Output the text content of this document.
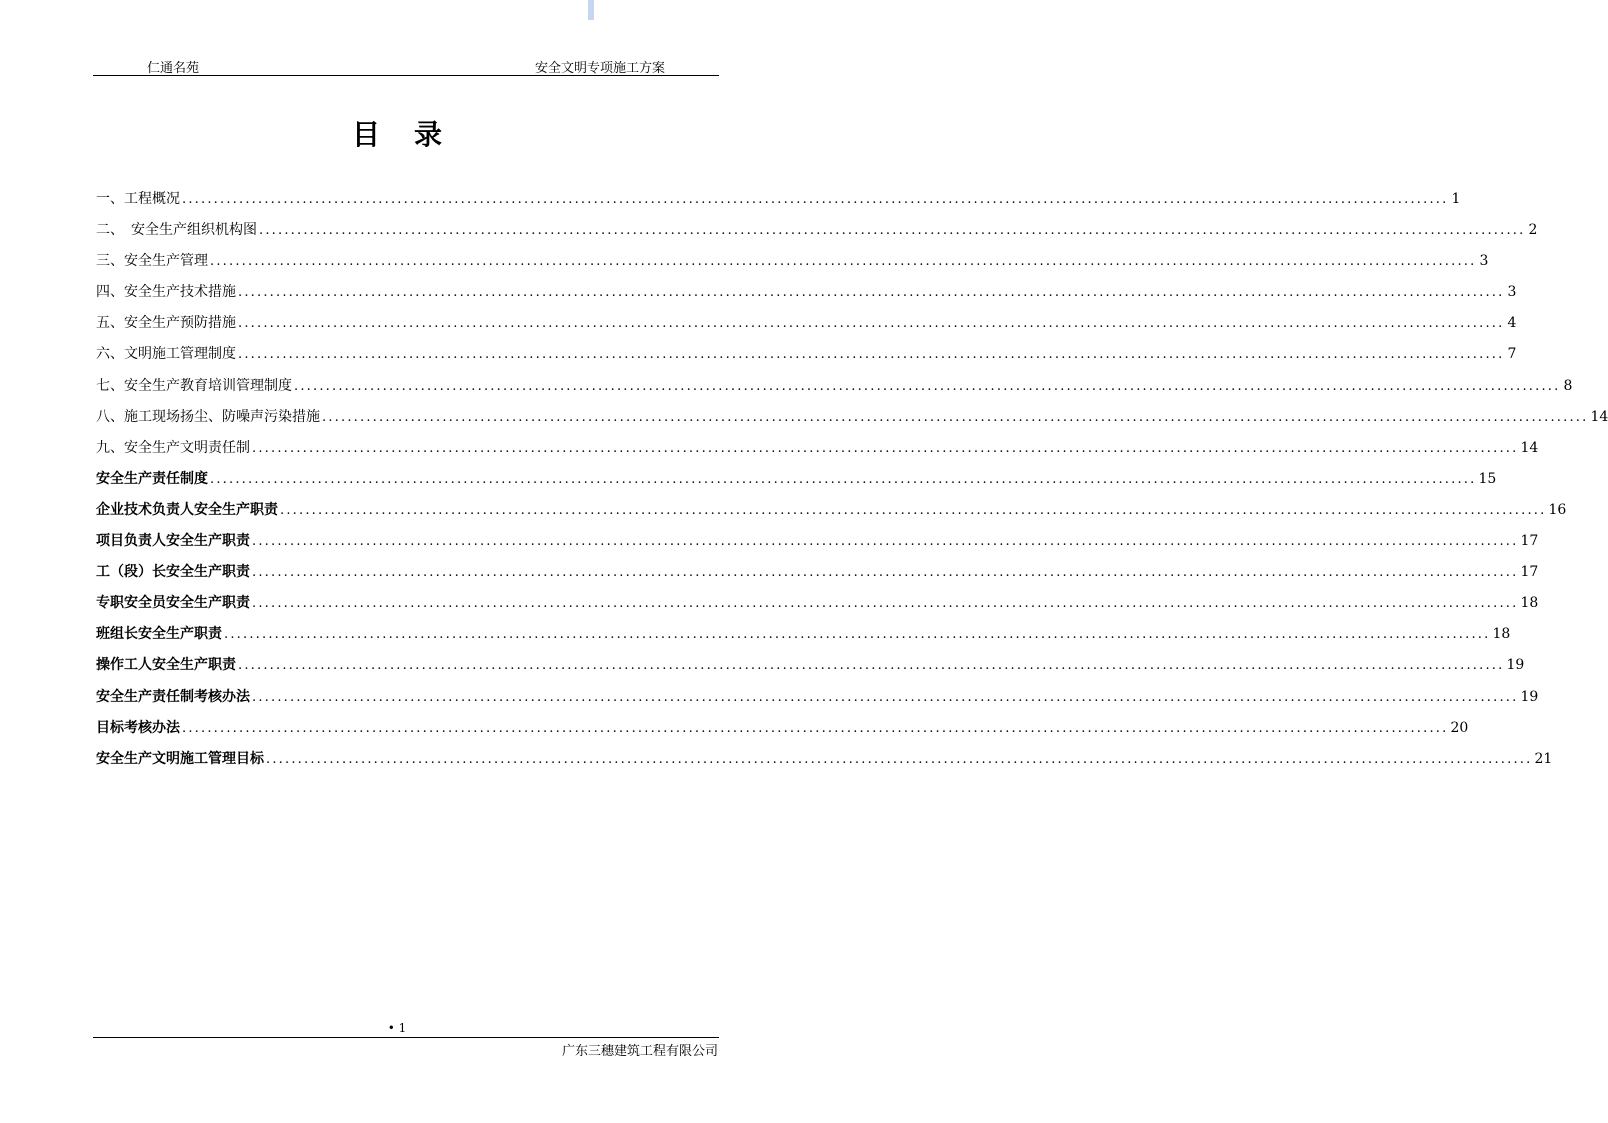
仁通名苑	安全文明专项施工方案
目录
一、工程概况 ........................................................................................................................................................................................................ 1
二、　安全生产组织机构图 ........................................................................................................................................................................................................ 2
三、安全生产管理 ........................................................................................................................................................................................................ 3
四、安全生产技术措施 ........................................................................................................................................................................................................ 3
五、安全生产预防措施 ........................................................................................................................................................................................................ 4
六、文明施工管理制度 ........................................................................................................................................................................................................ 7
七、安全生产教育培训管理制度 ........................................................................................................................................................................................................ 8
八、施工现场扬尘、防噪声污染措施 ........................................................................................................................................................................................................ 14
九、安全生产文明责任制 ........................................................................................................................................................................................................ 14
安全生产责任制度 ........................................................................................................................................................................................................ 15
企业技术负责人安全生产职责 ........................................................................................................................................................................................................ 16
项目负责人安全生产职责 ........................................................................................................................................................................................................ 17
工（段）长安全生产职责 ........................................................................................................................................................................................................ 17
专职安全员安全生产职责 ........................................................................................................................................................................................................ 18
班组长安全生产职责 ........................................................................................................................................................................................................ 18
操作工人安全生产职责 ........................................................................................................................................................................................................ 19
安全生产责任制考核办法 ........................................................................................................................................................................................................ 19
目标考核办法 ........................................................................................................................................................................................................ 20
安全生产文明施工管理目标 ........................................................................................................................................................................................................ 21
• 1
广东三穗建筑工程有限公司
